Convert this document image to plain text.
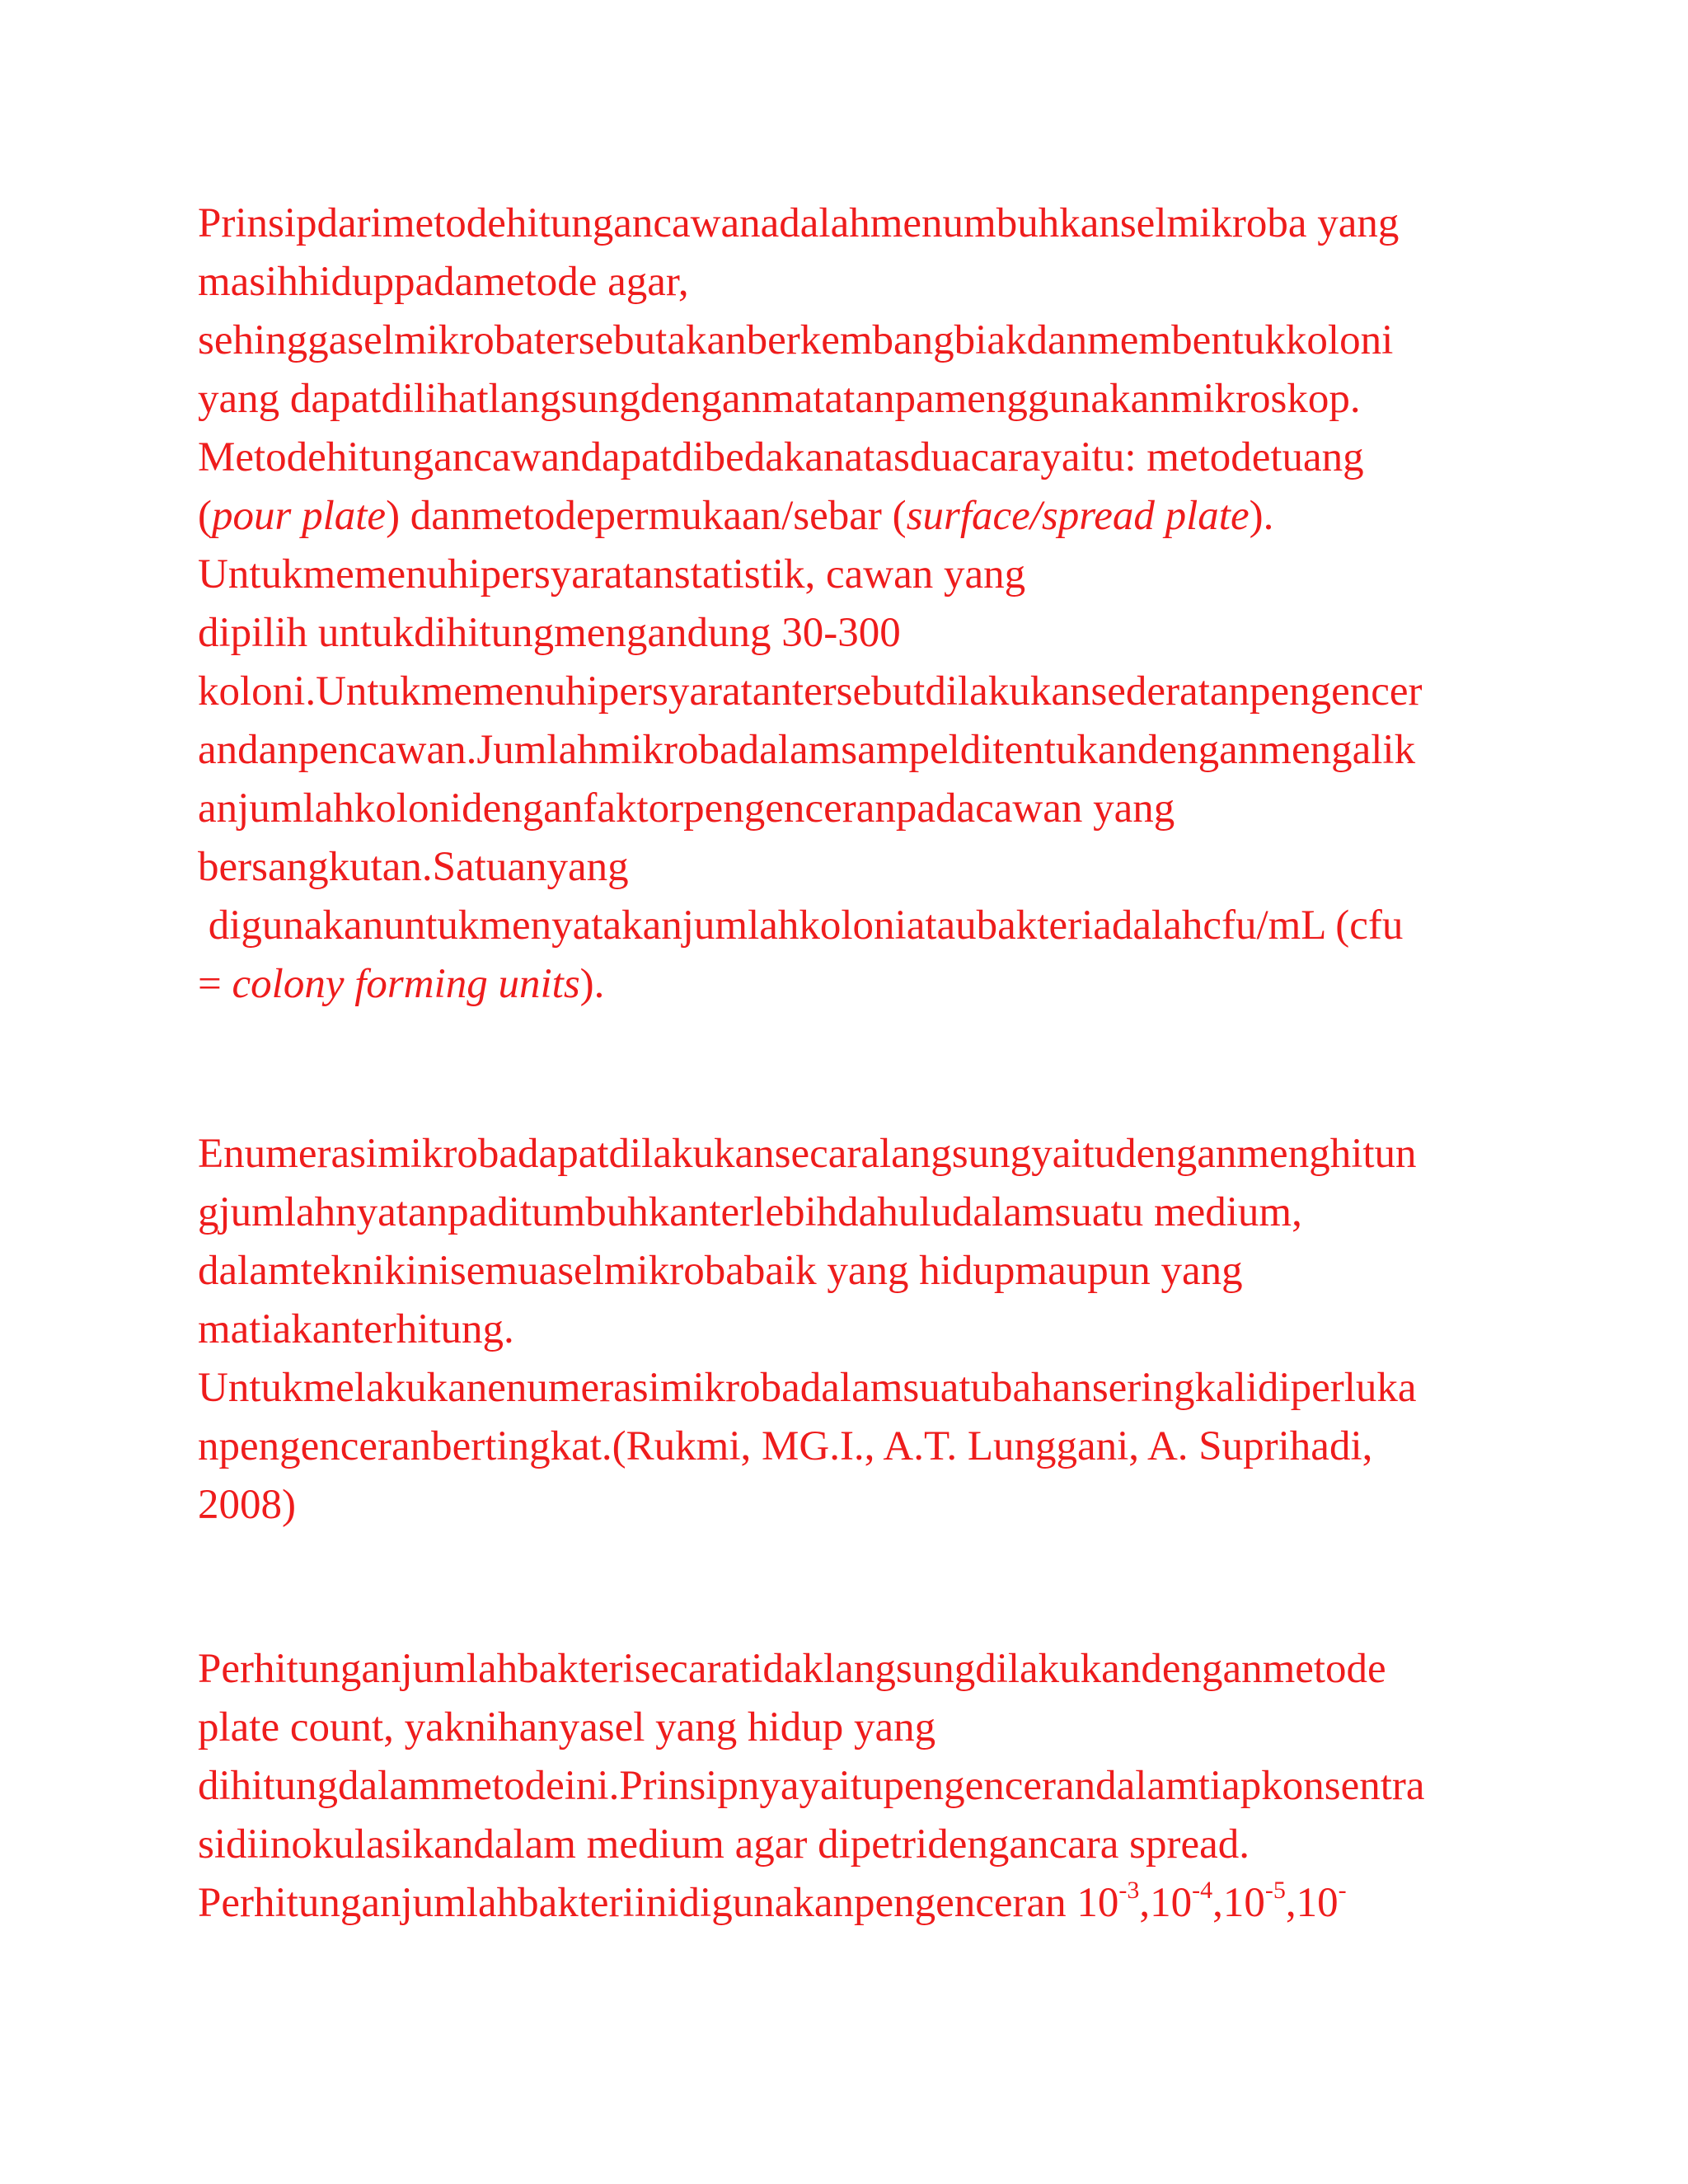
Prinsipdarimetodehitungancawanadalahmenumbuhkanselmikroba yang
masihhiduppadametode agar,
sehinggaselmikrobatersebutakanberkembangbiakdanmembentukkoloni
yang dapatdilihatlangsungdenganmatatanpamenggunakanmikroskop.
Metodehitungancawandapatdibedakanatasduacarayaitu: metodetuang
(pour plate) danmetodepermukaan/sebar (surface/spread plate).
Untukmemenuhipersyaratanstatistik, cawan yang
dipilih untukdihitungmengandung 30-300
koloni.Untukmemenuhipersyaratantersebutdilakukansederatanpengencer
andanpencawan.Jumlahmikrobadalamsampelditentukandenganmengalik
anjumlahkolonidenganfaktorpengenceranpadacawan yang
bersangkutan.Satuanyang
digunakanuntukmenyatakanjumlahkoloniataubakteriadalahcfu/mL (cfu
= colony forming units).
Enumerasimikrobadapatdilakukansecaralangsungyaitudenganmenghitun
gjumlahnyatanpaditumbuhkanterlebihdahuludalamsuatu medium,
dalamteknikinisemuaselmikrobabaik yang hidupmaupun yang
matiakanterhitung.
Untukmelakukanenumerasimikrobadalamsuatubahanseringkalidiperluka
npengenceranbertingkat.(Rukmi, MG.I., A.T. Lunggani, A. Suprihadi,
2008)
Perhitunganjumlahbakterisecaratidaklangsungdilakukandenganmetode
plate count, yaknihanyasel yang hidup yang
dihitungdalammetodeini.Prinsipnyayaitupengencerandalamtiapkonsentra
sidiinokulasikandalam medium agar dipetridengancara spread.
Perhitunganjumlahbakteriinidigunakanpengenceran $10^{-3},10^{-4},10^{-5},10^-$
